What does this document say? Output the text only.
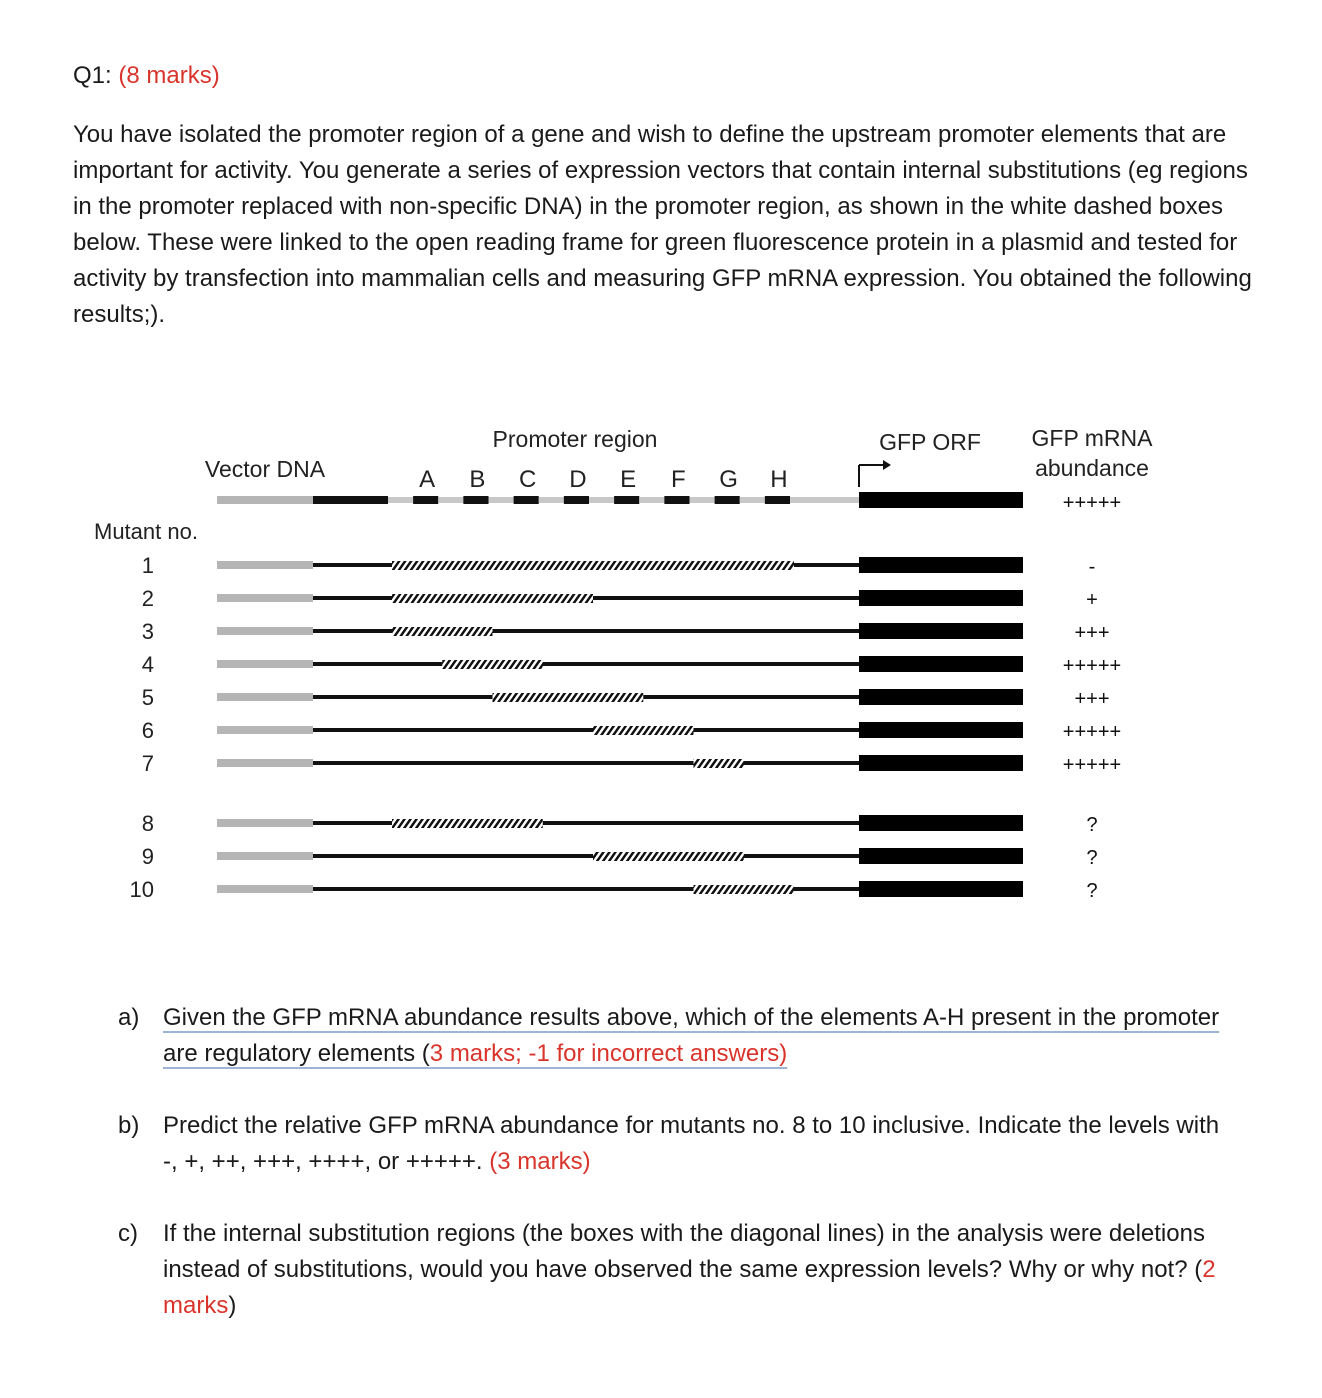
Q1: (8 marks)

You have isolated the promoter region of a gene and wish to define the upstream promoter elements that are important for activity. You generate a series of expression vectors that contain internal substitutions (eg regions in the promoter replaced with non-specific DNA) in the promoter region, as shown in the white dashed boxes below. These were linked to the open reading frame for green fluorescence protein in a plasmid and tested for activity by transfection into mammalian cells and measuring GFP mRNA expression. You obtained the following results;).

Promoter region
Vector DNA
GFP ORF GFP mRNA
abundance
Mutant no.
A B C D E F G H
+++++
1	-
2	+
3	+++
4	+++++
5	+++
6	+++++
7	+++++
8	?
9	?
10	?
a) Given the GFP mRNA abundance results above, which of the elements A-H present in the promoter are regulatory elements (3 marks; -1 for incorrect answers)
b) Predict the relative GFP mRNA abundance for mutants no. 8 to 10 inclusive. Indicate the levels with -, +, ++, +++, ++++, or +++++. (3 marks)
c) If the internal substitution regions (the boxes with the diagonal lines) in the analysis were deletions instead of substitutions, would you have observed the same expression levels? Why or why not? (2 marks)
